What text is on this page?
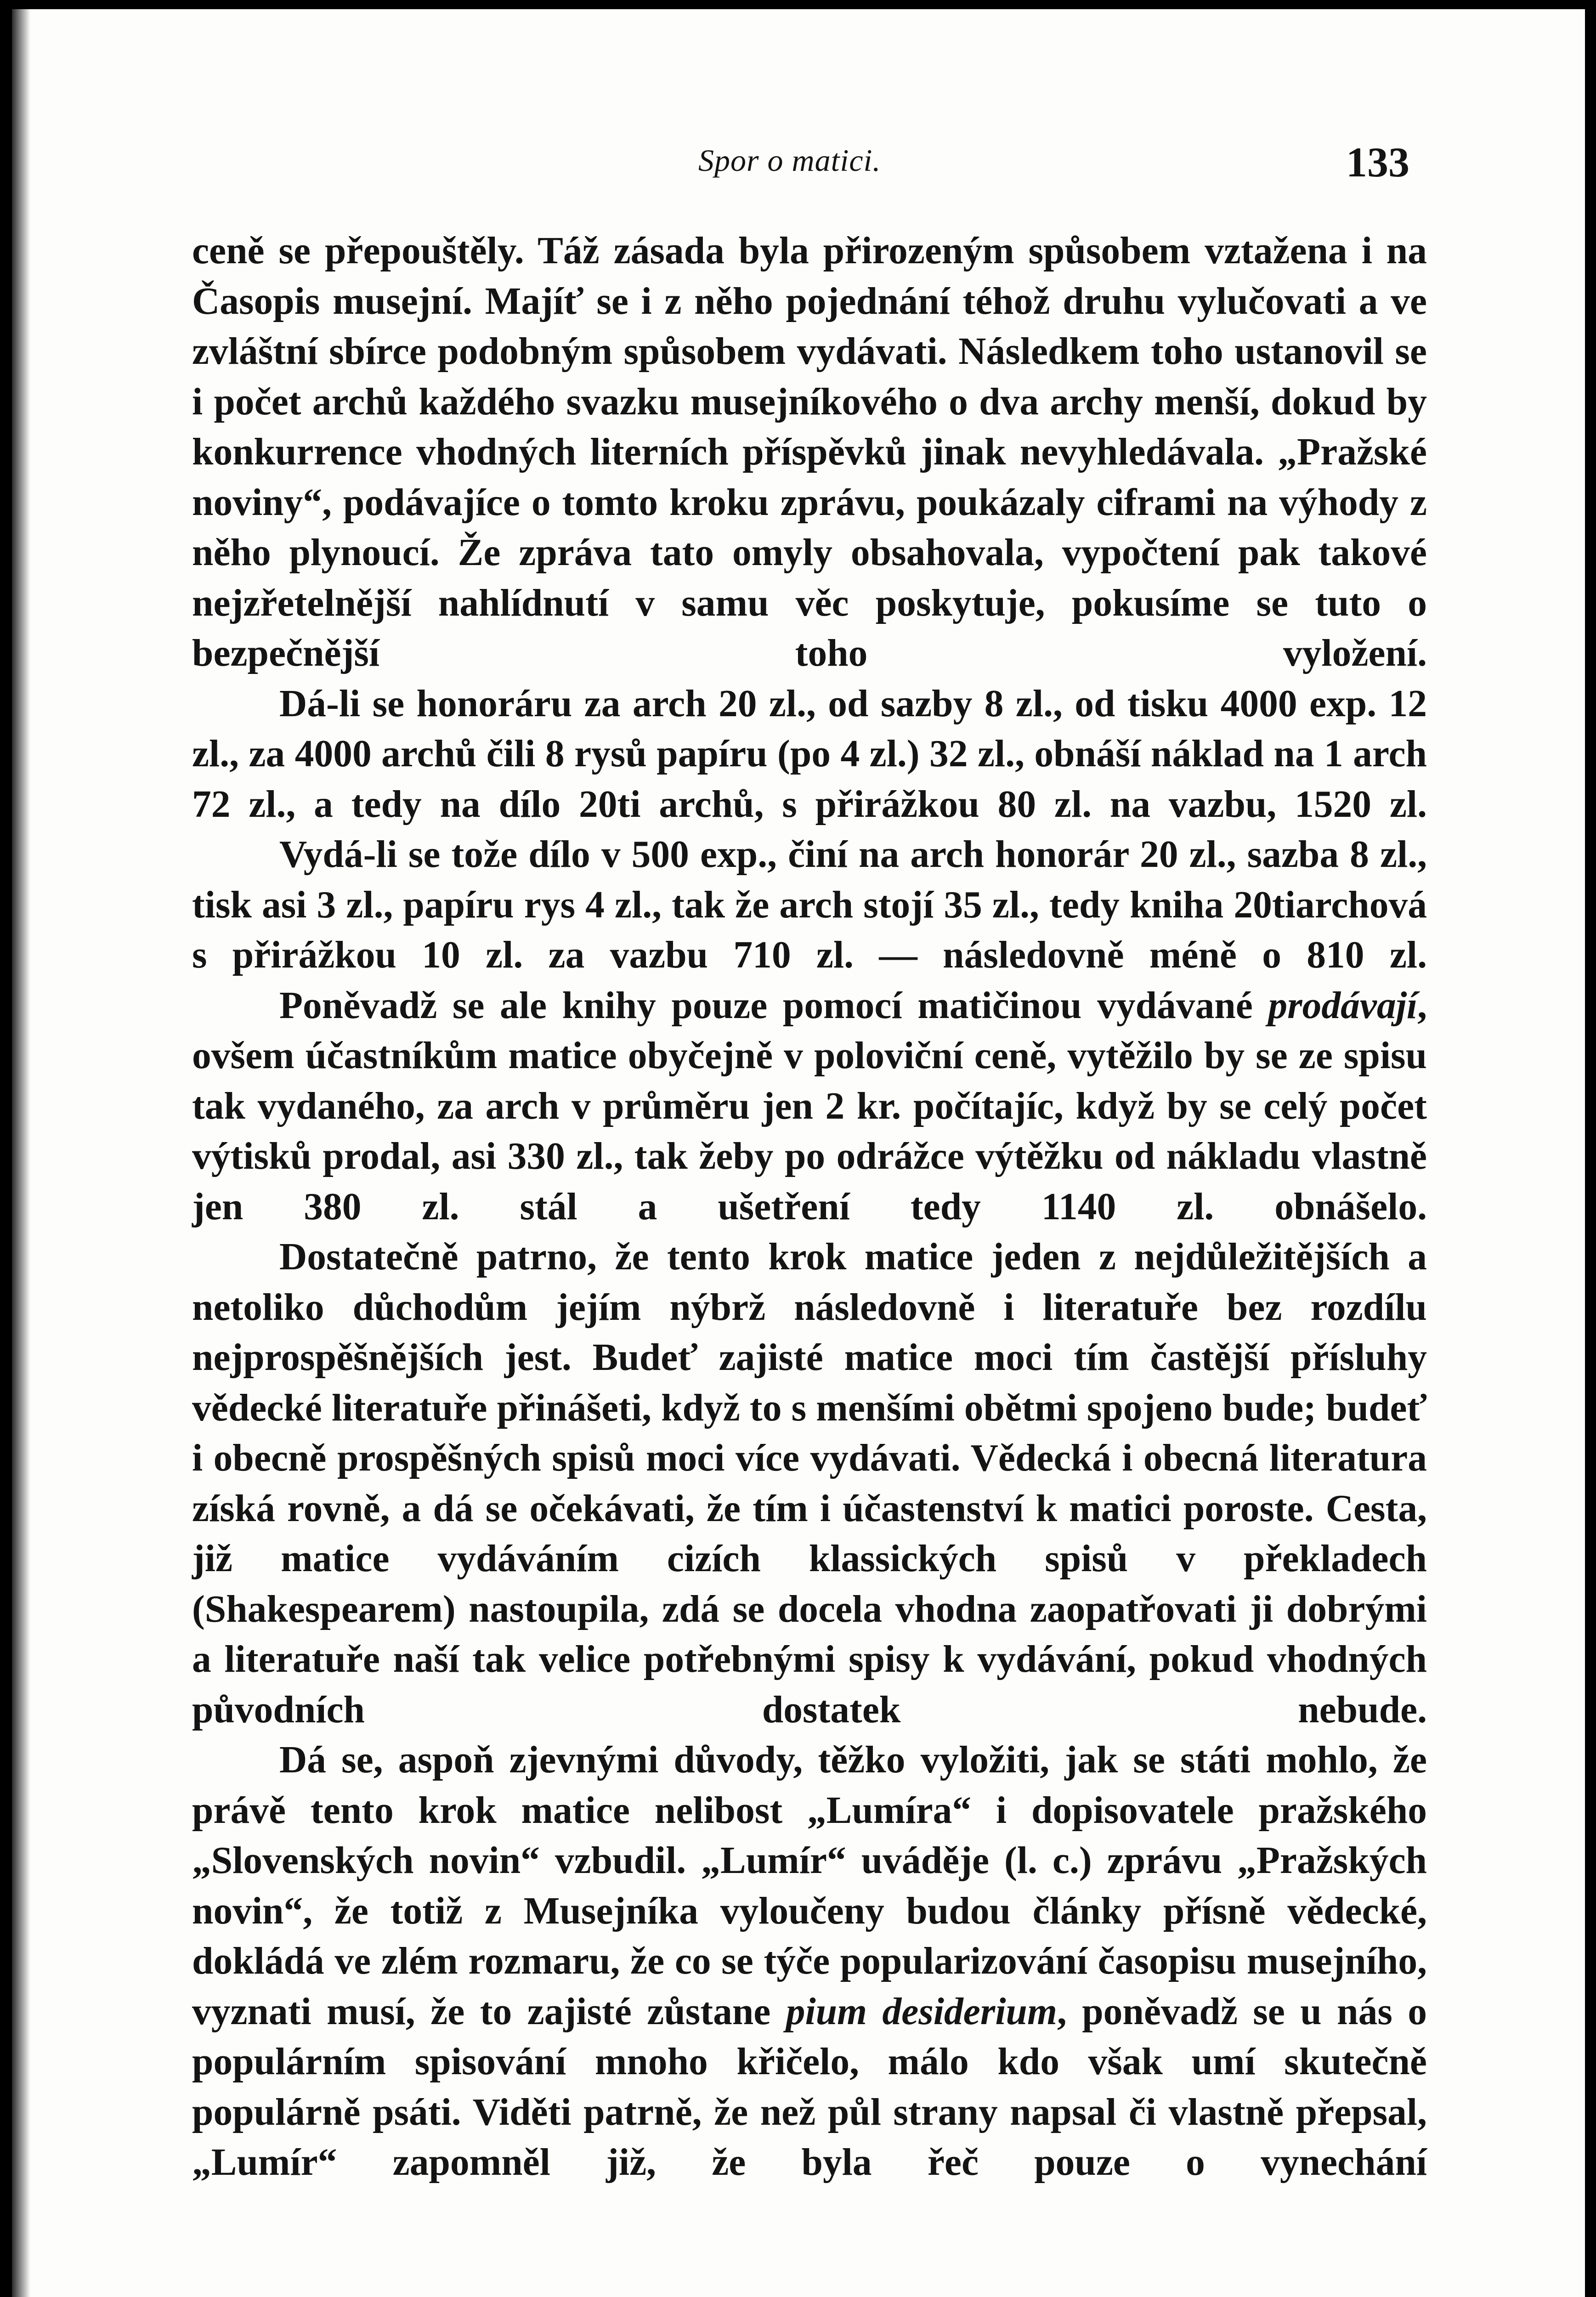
Spor o matici.	133

ceně se přepouštěly. Táž zásada byla přirozeným spůsobem vztažena i na Časopis musejní. Majíť se i z něho pojednání téhož druhu vylučovati a ve zvláštní sbírce podobným spůsobem vydávati. Následkem toho ustanovil se i počet archů každého svazku musejníkového o dva archy menší, dokud by konkurrence vhodných literních příspěvků jinak nevyhledávala. „Pražské noviny“, podávajíce o tomto kroku zprávu, poukázaly ciframi na výhody z něho plynoucí. Že zpráva tato omyly obsahovala, vypočtení pak takové nejzřetelnější nahlídnutí v samu věc poskytuje, pokusíme se tuto o bezpečnější toho vyložení.

Dá-li se honoráru za arch 20 zl., od sazby 8 zl., od tisku 4000 exp. 12 zl., za 4000 archů čili 8 rysů papíru (po 4 zl.) 32 zl., obnáší náklad na 1 arch 72 zl., a tedy na dílo 20ti archů, s přirážkou 80 zl. na vazbu, 1520 zl.

Vydá-li se tože dílo v 500 exp., činí na arch honorár 20 zl., sazba 8 zl., tisk asi 3 zl., papíru rys 4 zl., tak že arch stojí 35 zl., tedy kniha 20tiarchová s přirážkou 10 zl. za vazbu 710 zl. — následovně méně o 810 zl.

Poněvadž se ale knihy pouze pomocí matičinou vydávané prodávají, ovšem účastníkům matice obyčejně v poloviční ceně, vytěžilo by se ze spisu tak vydaného, za arch v průměru jen 2 kr. počítajíc, když by se celý počet výtisků prodal, asi 330 zl., tak žeby po odrážce výtěžku od nákladu vlastně jen 380 zl. stál a ušetření tedy 1140 zl. obnášelo.

Dostatečně patrno, že tento krok matice jeden z nejdůležitějších a netoliko důchodům jejím nýbrž následovně i literatuře bez rozdílu nejprospěšnějších jest. Budeť zajisté matice moci tím častější přísluhy vědecké literatuře přinášeti, když to s menšími obětmi spojeno bude; budeť i obecně prospěšných spisů moci více vydávati. Vědecká i obecná literatura získá rovně, a dá se očekávati, že tím i účastenství k matici poroste. Cesta, již matice vydáváním cizích klassických spisů v překladech (Shakespearem) nastoupila, zdá se docela vhodna zaopatřovati ji dobrými a literatuře naší tak velice potřebnými spisy k vydávání, pokud vhodných původních dostatek nebude.

Dá se, aspoň zjevnými důvody, těžko vyložiti, jak se státi mohlo, že právě tento krok matice nelibost „Lumíra“ i dopisovatele pražského „Slovenských novin“ vzbudil. „Lumír“ uváděje (l. c.) zprávu „Pražských novin“, že totiž z Musejníka vyloučeny budou články přísně vědecké, dokládá ve zlém rozmaru, že co se týče popularizování časopisu musejního, vyznati musí, že to zajisté zůstane pium desiderium, poněvadž se u nás o populárním spisování mnoho křičelo, málo kdo však umí skutečně populárně psáti. Viděti patrně, že než půl strany napsal či vlastně přepsal, „Lumír“ zapomněl již, že byla řeč pouze o vynechání
